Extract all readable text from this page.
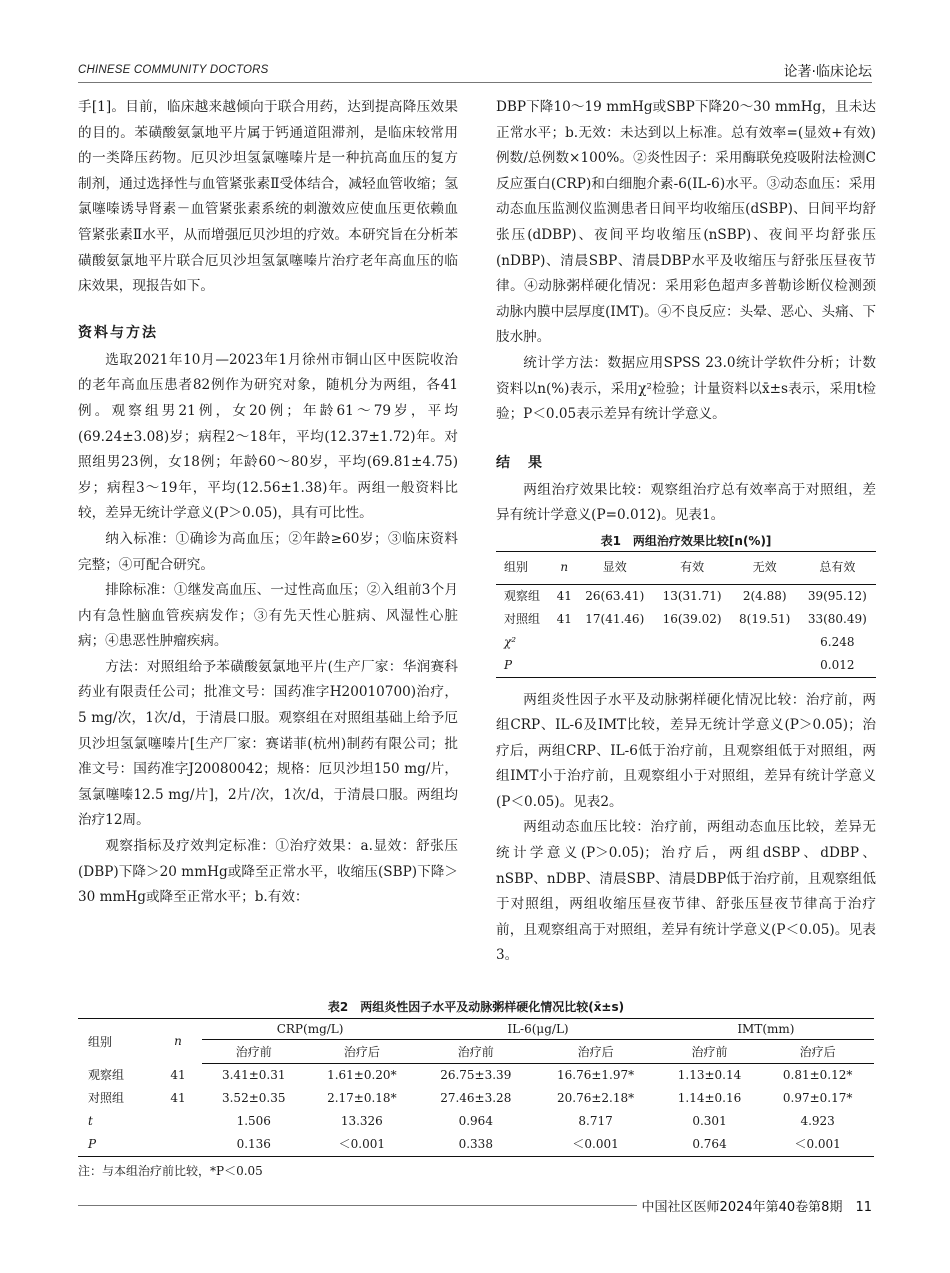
CHINESE COMMUNITY DOCTORS	论著·临床论坛

手[1]。目前，临床越来越倾向于联合用药，达到提高降压效果的目的。苯磺酸氨氯地平片属于钙通道阻滞剂，是临床较常用的一类降压药物。厄贝沙坦氢氯噻嗪片是一种抗高血压的复方制剂，通过选择性与血管紧张素Ⅱ受体结合，减轻血管收缩；氢氯噻嗪诱导肾素－血管紧张素系统的刺激效应使血压更依赖血管紧张素Ⅱ水平，从而增强厄贝沙坦的疗效。本研究旨在分析苯磺酸氨氯地平片联合厄贝沙坦氢氯噻嗪片治疗老年高血压的临床效果，现报告如下。

资料与方法

选取2021年10月—2023年1月徐州市铜山区中医院收治的老年高血压患者82例作为研究对象，随机分为两组，各41例。观察组男21例，女20例；年龄61～79岁，平均(69.24±3.08)岁；病程2～18年，平均(12.37±1.72)年。对照组男23例，女18例；年龄60～80岁，平均(69.81±4.75)岁；病程3～19年，平均(12.56±1.38)年。两组一般资料比较，差异无统计学意义(P＞0.05)，具有可比性。

纳入标准：①确诊为高血压；②年龄≥60岁；③临床资料完整；④可配合研究。

排除标准：①继发高血压、一过性高血压；②入组前3个月内有急性脑血管疾病发作；③有先天性心脏病、风湿性心脏病；④患恶性肿瘤疾病。

方法：对照组给予苯磺酸氨氯地平片(生产厂家：华润赛科药业有限责任公司；批准文号：国药准字H20010700)治疗，5 mg/次，1次/d，于清晨口服。观察组在对照组基础上给予厄贝沙坦氢氯噻嗪片[生产厂家：赛诺菲(杭州)制药有限公司；批准文号：国药准字J20080042；规格：厄贝沙坦150 mg/片，氢氯噻嗪12.5 mg/片]，2片/次，1次/d，于清晨口服。两组均治疗12周。

观察指标及疗效判定标准：①治疗效果：a.显效：舒张压(DBP)下降＞20 mmHg或降至正常水平，收缩压(SBP)下降＞30 mmHg或降至正常水平；b.有效：

DBP下降10～19 mmHg或SBP下降20～30 mmHg，且未达正常水平；b.无效：未达到以上标准。总有效率=(显效+有效)例数/总例数×100%。②炎性因子：采用酶联免疫吸附法检测C反应蛋白(CRP)和白细胞介素-6(IL-6)水平。③动态血压：采用动态血压监测仪监测患者日间平均收缩压(dSBP)、日间平均舒张压(dDBP)、夜间平均收缩压(nSBP)、夜间平均舒张压(nDBP)、清晨SBP、清晨DBP水平及收缩压与舒张压昼夜节律。④动脉粥样硬化情况：采用彩色超声多普勒诊断仪检测颈动脉内膜中层厚度(IMT)。④不良反应：头晕、恶心、头痛、下肢水肿。

统计学方法：数据应用SPSS 23.0统计学软件分析；计数资料以n(%)表示，采用χ²检验；计量资料以x̄±s表示，采用t检验；P＜0.05表示差异有统计学意义。

结　果

两组治疗效果比较：观察组治疗总有效率高于对照组，差异有统计学意义(P=0.012)。见表1。

表1　两组治疗效果比较[n(%)]
组别	n	显效	有效	无效	总有效
观察组	41	26(63.41)	13(31.71)	2(4.88)	39(95.12)
对照组	41	17(41.46)	16(39.02)	8(19.51)	33(80.49)
χ²					6.248
P					0.012

两组炎性因子水平及动脉粥样硬化情况比较：治疗前，两组CRP、IL-6及IMT比较，差异无统计学意义(P＞0.05)；治疗后，两组CRP、IL-6低于治疗前，且观察组低于对照组，两组IMT小于治疗前，且观察组小于对照组，差异有统计学意义(P＜0.05)。见表2。

两组动态血压比较：治疗前，两组动态血压比较，差异无统计学意义(P＞0.05)；治疗后，两组dSBP、dDBP、nSBP、nDBP、清晨SBP、清晨DBP低于治疗前，且观察组低于对照组，两组收缩压昼夜节律、舒张压昼夜节律高于治疗前，且观察组高于对照组，差异有统计学意义(P＜0.05)。见表3。

表2　两组炎性因子水平及动脉粥样硬化情况比较(x̄±s)
组别	n	CRP(mg/L)		IL-6(μg/L)		IMT(mm)	
		治疗前	治疗后	治疗前	治疗后	治疗前	治疗后
观察组	41	3.41±0.31	1.61±0.20*	26.75±3.39	16.76±1.97*	1.13±0.14	0.81±0.12*
对照组	41	3.52±0.35	2.17±0.18*	27.46±3.28	20.76±2.18*	1.14±0.16	0.97±0.17*
t		1.506	13.326	0.964	8.717	0.301	4.923
P		0.136	＜0.001	0.338	＜0.001	0.764	＜0.001
注：与本组治疗前比较，*P＜0.05
中国社区医师2024年第40卷第8期　11
